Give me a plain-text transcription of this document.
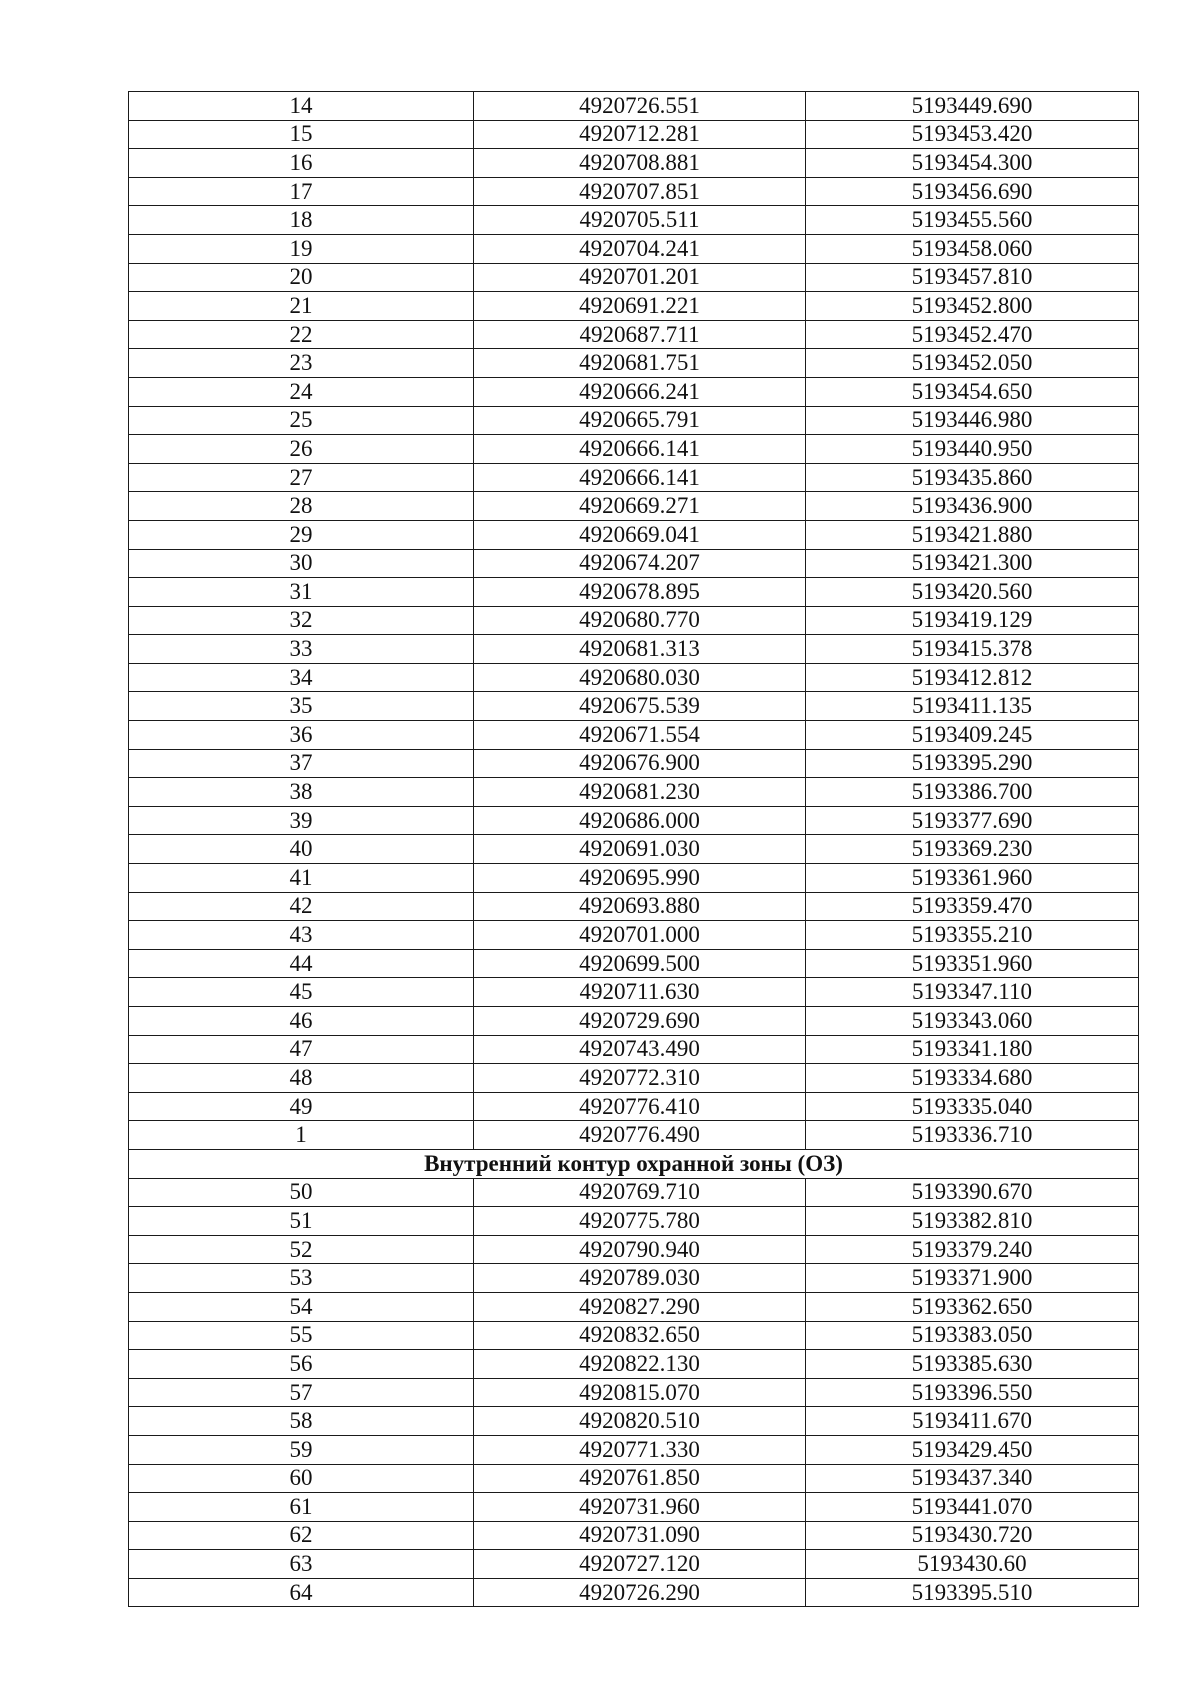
14	4920726.551	5193449.690
15	4920712.281	5193453.420
16	4920708.881	5193454.300
17	4920707.851	5193456.690
18	4920705.511	5193455.560
19	4920704.241	5193458.060
20	4920701.201	5193457.810
21	4920691.221	5193452.800
22	4920687.711	5193452.470
23	4920681.751	5193452.050
24	4920666.241	5193454.650
25	4920665.791	5193446.980
26	4920666.141	5193440.950
27	4920666.141	5193435.860
28	4920669.271	5193436.900
29	4920669.041	5193421.880
30	4920674.207	5193421.300
31	4920678.895	5193420.560
32	4920680.770	5193419.129
33	4920681.313	5193415.378
34	4920680.030	5193412.812
35	4920675.539	5193411.135
36	4920671.554	5193409.245
37	4920676.900	5193395.290
38	4920681.230	5193386.700
39	4920686.000	5193377.690
40	4920691.030	5193369.230
41	4920695.990	5193361.960
42	4920693.880	5193359.470
43	4920701.000	5193355.210
44	4920699.500	5193351.960
45	4920711.630	5193347.110
46	4920729.690	5193343.060
47	4920743.490	5193341.180
48	4920772.310	5193334.680
49	4920776.410	5193335.040
1	4920776.490	5193336.710
Внутренний контур охранной зоны (ОЗ)		
50	4920769.710	5193390.670
51	4920775.780	5193382.810
52	4920790.940	5193379.240
53	4920789.030	5193371.900
54	4920827.290	5193362.650
55	4920832.650	5193383.050
56	4920822.130	5193385.630
57	4920815.070	5193396.550
58	4920820.510	5193411.670
59	4920771.330	5193429.450
60	4920761.850	5193437.340
61	4920731.960	5193441.070
62	4920731.090	5193430.720
63	4920727.120	5193430.60
64	4920726.290	5193395.510
